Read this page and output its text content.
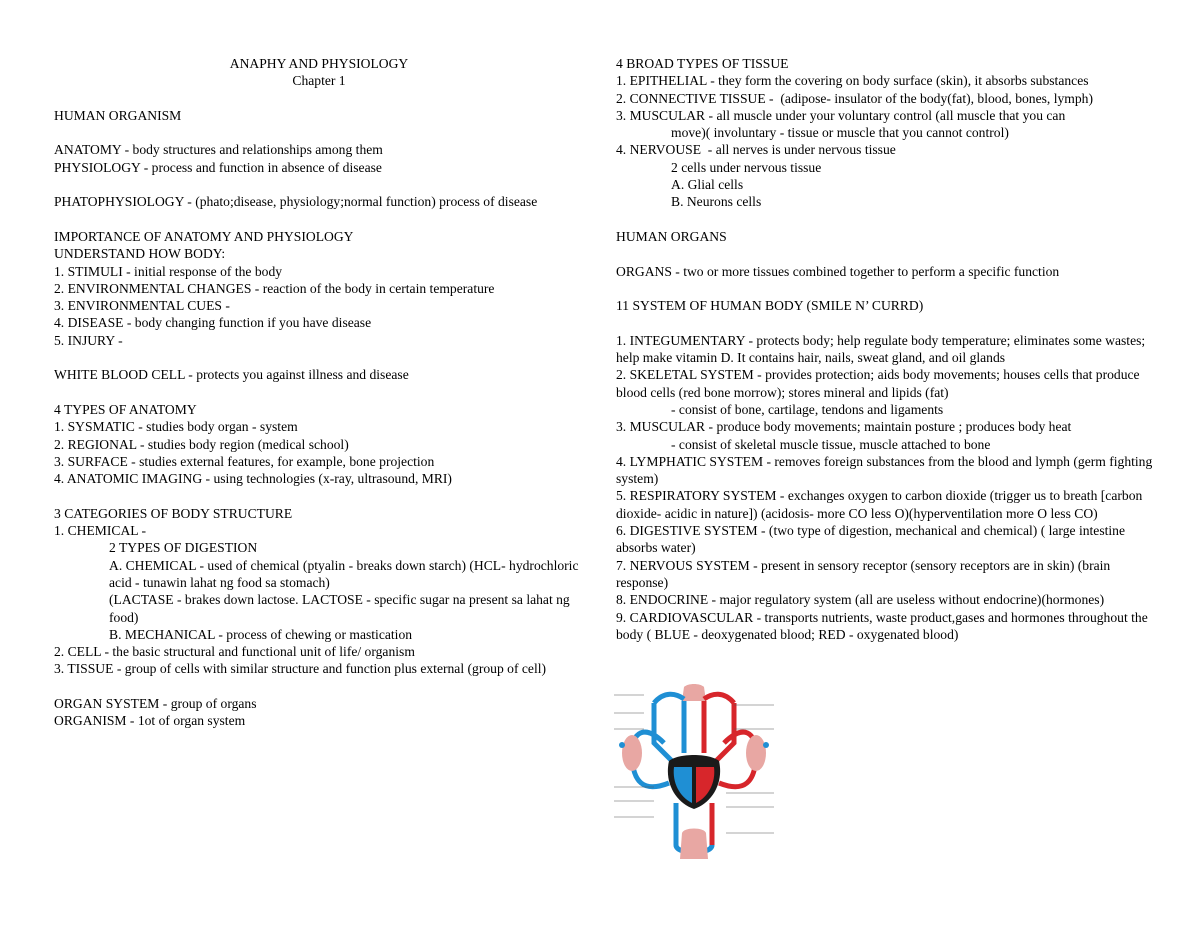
ANAPHY AND PHYSIOLOGY
Chapter 1
HUMAN ORGANISM
ANATOMY - body structures and relationships among them
PHYSIOLOGY - process and function in absence of disease
PHATOPHYSIOLOGY - (phato;disease, physiology;normal function) process of disease
IMPORTANCE OF ANATOMY AND PHYSIOLOGY
UNDERSTAND HOW BODY:
1. STIMULI - initial response of the body
2. ENVIRONMENTAL CHANGES - reaction of the body in certain temperature
3. ENVIRONMENTAL CUES -
4. DISEASE - body changing function if you have disease
5. INJURY -
WHITE BLOOD CELL - protects you against illness and disease
4 TYPES OF ANATOMY
1. SYSMATIC - studies body organ - system
2. REGIONAL - studies body region (medical school)
3. SURFACE - studies external features, for example, bone projection
4. ANATOMIC IMAGING - using technologies (x-ray, ultrasound, MRI)
3 CATEGORIES OF BODY STRUCTURE
1. CHEMICAL -
2 TYPES OF DIGESTION
A. CHEMICAL - used of chemical (ptyalin - breaks down starch) (HCL- hydrochloric acid - tunawin lahat ng food sa stomach)
(LACTASE - brakes down lactose. LACTOSE - specific sugar na present sa lahat ng food)
B. MECHANICAL - process of chewing or mastication
2. CELL - the basic structural and functional unit of life/ organism
3. TISSUE - group of cells with similar structure and function plus external (group of cell)
ORGAN SYSTEM - group of organs
ORGANISM - 1ot of organ system
4 BROAD TYPES OF TISSUE
1. EPITHELIAL - they form the covering on body surface (skin), it absorbs substances
2. CONNECTIVE TISSUE -  (adipose- insulator of the body(fat), blood, bones, lymph)
3. MUSCULAR - all muscle under your voluntary control (all muscle that you can
move)( involuntary - tissue or muscle that you cannot control)
4. NERVOUSE  - all nerves is under nervous tissue
2 cells under nervous tissue
A. Glial cells
B. Neurons cells
HUMAN ORGANS
ORGANS - two or more tissues combined together to perform a specific function
11 SYSTEM OF HUMAN BODY (SMILE N’ CURRD)
1. INTEGUMENTARY - protects body; help regulate body temperature; eliminates some wastes; help make vitamin D. It contains hair, nails, sweat gland, and oil glands
2. SKELETAL SYSTEM - provides protection; aids body movements; houses cells that produce blood cells (red bone morrow); stores mineral and lipids (fat)
- consist of bone, cartilage, tendons and ligaments
3. MUSCULAR - produce body movements; maintain posture ; produces body heat
- consist of skeletal muscle tissue, muscle attached to bone
4. LYMPHATIC SYSTEM - removes foreign substances from the blood and lymph (germ fighting system)
5. RESPIRATORY SYSTEM - exchanges oxygen to carbon dioxide (trigger us to breath [carbon dioxide- acidic in nature]) (acidosis- more CO less O)(hyperventilation more O less CO)
6. DIGESTIVE SYSTEM - (two type of digestion, mechanical and chemical) ( large intestine absorbs water)
7. NERVOUS SYSTEM - present in sensory receptor (sensory receptors are in skin) (brain response)
8. ENDOCRINE - major regulatory system (all are useless without endocrine)(hormones)
9. CARDIOVASCULAR - transports nutrients, waste product,gases and hormones throughout the body ( BLUE - deoxygenated blood; RED - oxygenated blood)
